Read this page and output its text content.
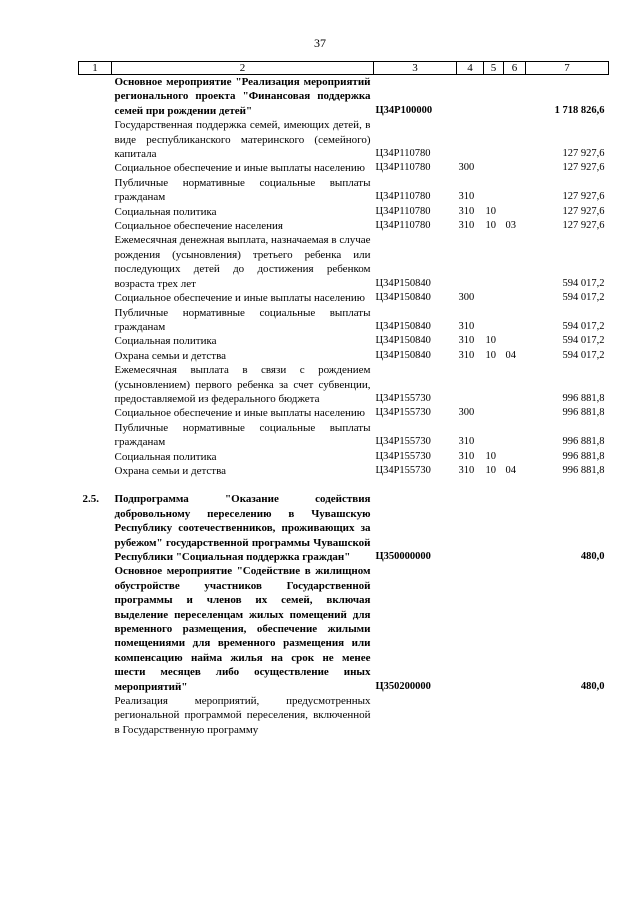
37
1	2	3	4	5	6	7
	Основное мероприятие "Реализация мероприятий регионального проекта "Финансовая поддержка семей при рождении детей"	Ц34P100000				1 718 826,6
	Государственная поддержка семей, имеющих детей, в виде республиканского материнского (семейного) капитала	Ц34P110780				127 927,6
	Социальное обеспечение и иные выплаты населению	Ц34P110780	300			127 927,6
	Публичные нормативные социальные выплаты гражданам	Ц34P110780	310			127 927,6
	Социальная политика	Ц34P110780	310	10		127 927,6
	Социальное обеспечение населения	Ц34P110780	310	10	03	127 927,6
	Ежемесячная денежная выплата, назначаемая в случае рождения (усыновления) третьего ребенка или последующих детей до достижения ребенком возраста трех лет	Ц34P150840				594 017,2
	Социальное обеспечение и иные выплаты населению	Ц34P150840	300			594 017,2
	Публичные нормативные социальные выплаты гражданам	Ц34P150840	310			594 017,2
	Социальная политика	Ц34P150840	310	10		594 017,2
	Охрана семьи и детства	Ц34P150840	310	10	04	594 017,2
	Ежемесячная выплата в связи с рождением (усыновлением) первого ребенка за счет субвенции, предоставляемой из федерального бюджета	Ц34P155730				996 881,8
	Социальное обеспечение и иные выплаты населению	Ц34P155730	300			996 881,8
	Публичные нормативные социальные выплаты гражданам	Ц34P155730	310			996 881,8
	Социальная политика	Ц34P155730	310	10		996 881,8
	Охрана семьи и детства	Ц34P155730	310	10	04	996 881,8

2.5.	Подпрограмма "Оказание содействия добровольному переселению в Чувашскую Республику соотечественников, проживающих за рубежом" государственной программы Чувашской Республики "Социальная поддержка граждан"	Ц350000000				480,0
	Основное мероприятие "Содействие в жилищном обустройстве участников Государственной программы и членов их семей, включая выделение переселенцам жилых помещений для временного размещения, обеспечение жилыми помещениями для временного размещения или компенсацию найма жилья на срок не менее шести месяцев либо осуществление иных мероприятий"	Ц350200000				480,0
	Реализация мероприятий, предусмотренных региональной программой переселения, включенной в Государственную программу					
